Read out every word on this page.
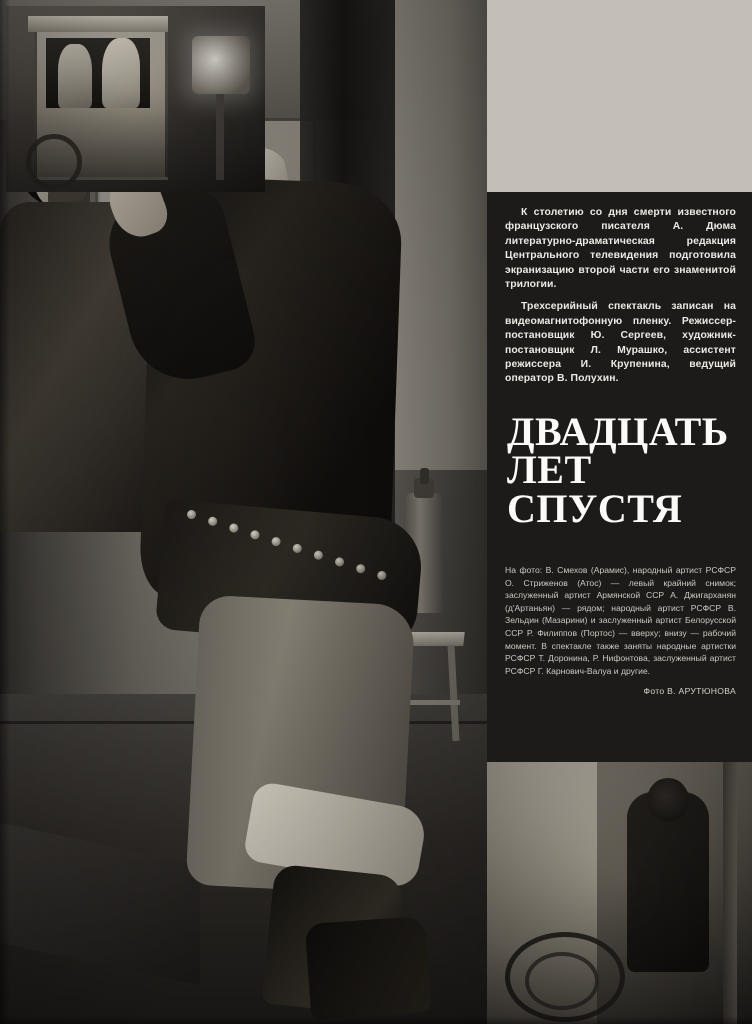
К столетию со дня смерти известного французского писателя А. Дюма литературно-драматическая редакция Центрального телевидения подготовила экранизацию второй части его знаменитой трилогии.

Трехсерийный спектакль записан на видеомагнитофонную пленку. Режиссер-постановщик Ю. Сергеев, художник-постановщик Л. Мурашко, ассистент режиссера И. Крупенина, ведущий оператор В. Полухин.

ДВАДЦАТЬ
ЛЕТ
СПУСТЯ

На фото: В. Смехов (Арамис), народный артист РСФСР О. Стриженов (Атос) — левый крайний снимок; заслуженный артист Армянской ССР А. Джигарханян (д'Артаньян) — рядом; народный артист РСФСР В. Зельдин (Мазарини) и заслуженный артист Белорусской ССР Р. Филиппов (Портос) — вверху; внизу — рабочий момент. В спектакле также заняты народные артистки РСФСР Т. Доронина, Р. Нифонтова, заслуженный артист РСФСР Г. Карнович-Валуа и другие.

Фото В. АРУТЮНОВА
